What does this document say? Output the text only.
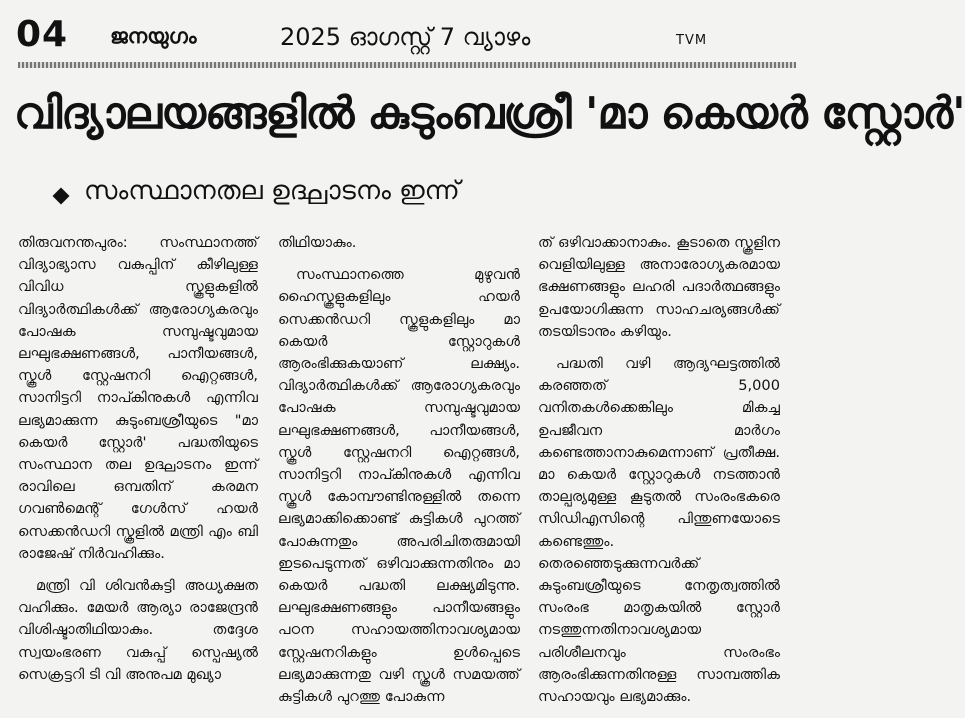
04 ജനയുഗം	2025 ഓഗസ്റ്റ് 7 വ്യാഴം	TVM
വിദ്യാലയങ്ങളിൽ കുടുംബശ്രീ 'മാ കെയർ സ്റ്റോർ'
സംസ്ഥാനതല ഉദ്ഘാടനം ഇന്ന്

തിരുവനന്തപുരം: സംസ്ഥാനത്ത് വിദ്യാഭ്യാസ വകുപ്പിന് കീഴിലുള്ള വിവിധ സ്കൂളുകളിൽ വിദ്യാർത്ഥികൾക്ക് ആരോഗ്യകരവും പോഷക സമ്പുഷ്ടവുമായ ലഘുഭക്ഷണങ്ങൾ, പാനീയങ്ങൾ, സ്കൂൾ സ്റ്റേഷനറി ഐറ്റങ്ങൾ, സാനിട്ടറി നാപ്കിനുകൾ എന്നിവ ലഭ്യമാക്കുന്ന കുടുംബശ്രീയുടെ "മാ കെയർ സ്റ്റോർ' പദ്ധതിയുടെ സംസ്ഥാന തല ഉദ്ഘാടനം ഇന്ന് രാവിലെ ഒമ്പതിന് കരമന ഗവൺമെന്റ് ഗേൾസ് ഹയർ സെക്കൻഡറി സ്കൂളിൽ മന്ത്രി എം ബി രാജേഷ് നിർവഹിക്കും.

മന്ത്രി വി ശിവൻകുട്ടി അധ്യക്ഷത വഹിക്കും. മേയർ ആര്യാ രാജേന്ദ്രൻ വിശിഷ്ടാതിഥിയാകും. തദ്ദേശ സ്വയംഭരണ വകുപ്പ് സ്പെഷ്യൽ സെക്രട്ടറി ടി വി അനുപമ മുഖ്യാ

തിഥിയാകും.

സംസ്ഥാനത്തെ മുഴുവൻ ഹൈസ്കൂളുകളിലും ഹയർ സെക്കൻഡറി സ്കൂളുകളിലും മാ കെയർ സ്റ്റോറുകൾ ആരംഭിക്കുകയാണ് ലക്ഷ്യം. വിദ്യാർത്ഥികൾക്ക് ആരോഗ്യകരവും പോഷക സമ്പുഷ്ടവുമായ ലഘുഭക്ഷണങ്ങൾ, പാനീയങ്ങൾ, സ്കൂൾ സ്റ്റേഷനറി ഐറ്റങ്ങൾ, സാനിട്ടറി നാപ്കിനുകൾ എന്നിവ സ്കൂൾ കോമ്പൗണ്ടിനുള്ളിൽ തന്നെ ലഭ്യമാക്കിക്കൊണ്ട് കുട്ടികൾ പുറത്ത് പോകുന്നതും അപരിചിതരുമായി ഇടപെടുന്നത് ഒഴിവാക്കുന്നതിനും മാ കെയർ പദ്ധതി ലക്ഷ്യമിടുന്നു. ലഘുഭക്ഷണങ്ങളും പാനീയങ്ങളും പഠന സഹായത്തിനാവശ്യമായ സ്റ്റേഷനറികളും ഉൾപ്പെടെ ലഭ്യമാക്കുന്നതു വഴി സ്കൂൾ സമയത്ത് കുട്ടികൾ പുറത്തു പോകുന്ന

ത് ഒഴിവാക്കാനാകും. കൂടാതെ സ്കൂളിന വെളിയിലുള്ള അനാരോഗ്യകരമായ ഭക്ഷണങ്ങളും ലഹരി പദാർത്ഥങ്ങളും ഉപയോഗിക്കുന്ന സാഹചര്യങ്ങൾക്ക് തടയിടാനും കഴിയും.

പദ്ധതി വഴി ആദ്യഘട്ടത്തിൽ കരഞ്ഞത് 5,000 വനിതകൾക്കെങ്കിലും മികച്ച ഉപജീവന മാർഗം കണ്ടെത്താനാകുമെന്നാണ് പ്രതീക്ഷ. മാ കെയർ സ്റ്റോറുകൾ നടത്താൻ താല്പര്യമുള്ള കൂടുതൽ സംരംഭകരെ സിഡിഎസിന്റെ പിന്തുണയോടെ കണ്ടെത്തും. തെരഞ്ഞെടുക്കുന്നവർക്ക് കുടുംബശ്രീയുടെ നേതൃത്വത്തിൽ സംരംഭ മാതൃകയിൽ സ്റ്റോർ നടത്തുന്നതിനാവശ്യമായ പരിശീലനവും സംരംഭം ആരംഭിക്കുന്നതിനുള്ള സാമ്പത്തിക സഹായവും ലഭ്യമാക്കും.
